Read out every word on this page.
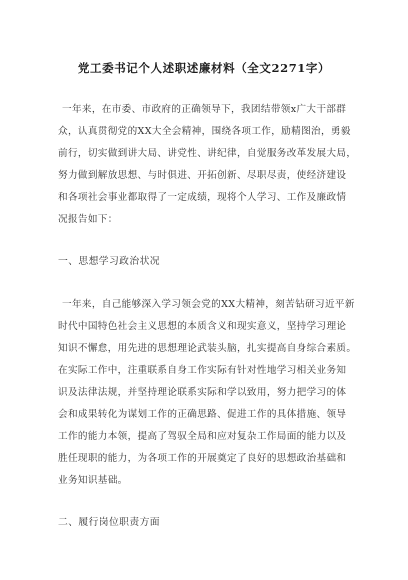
党工委书记个人述职述廉材料（全文2271字）
一年来，在市委、市政府的正确领导下，我团结带领x广大干部群
众，认真贯彻党的XX大全会精神，围绕各项工作，励精图治，勇毅
前行，切实做到讲大局、讲党性、讲纪律，自觉服务改革发展大局，
努力做到解放思想、与时俱进、开拓创新、尽职尽责，使经济建设
和各项社会事业都取得了一定成绩，现将个人学习、工作及廉政情
况报告如下：
一、思想学习政治状况
一年来，自己能够深入学习领会党的XX大精神，刻苦钻研习近平新
时代中国特色社会主义思想的本质含义和现实意义，坚持学习理论
知识不懈怠，用先进的思想理论武装头脑，扎实提高自身综合素质。
在实际工作中，注重联系自身工作实际有针对性地学习相关业务知
识及法律法规，并坚持理论联系实际和学以致用，努力把学习的体
会和成果转化为谋划工作的正确思路、促进工作的具体措施、领导
工作的能力本领，提高了驾驭全局和应对复杂工作局面的能力以及
胜任现职的能力，为各项工作的开展奠定了良好的思想政治基础和
业务知识基础。
二、履行岗位职责方面
